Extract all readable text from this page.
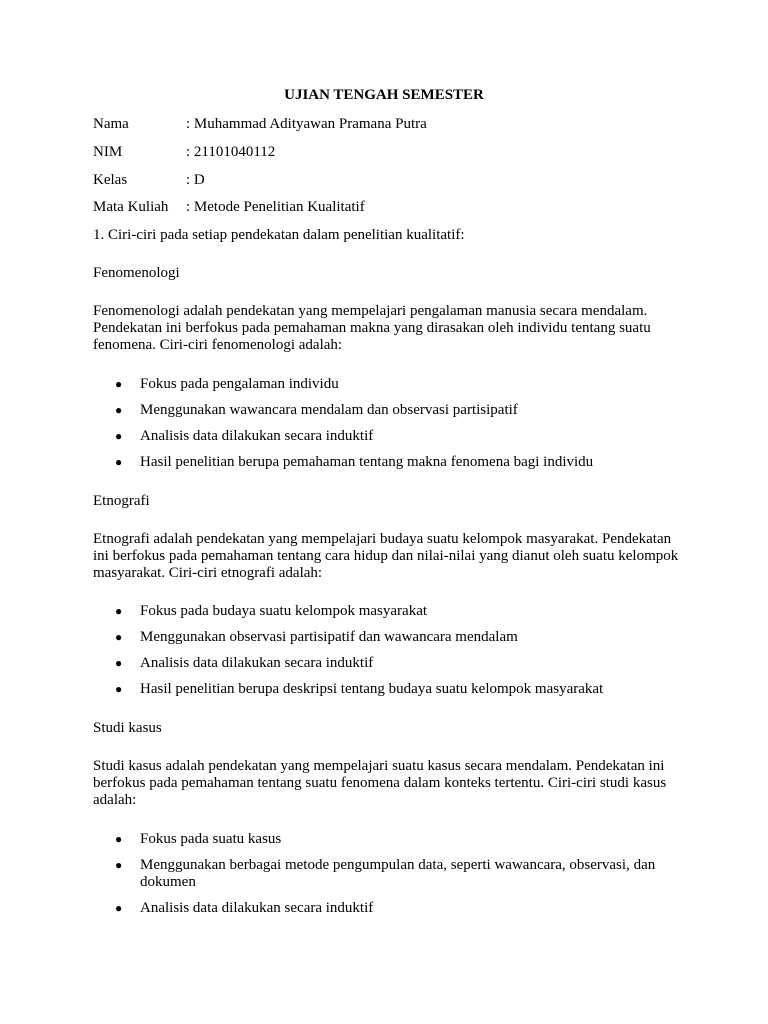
UJIAN TENGAH SEMESTER
Nama	: Muhammad Adityawan Pramana Putra
NIM	: 21101040112
Kelas	: D
Mata Kuliah : Metode Penelitian Kualitatif
1. Ciri-ciri pada setiap pendekatan dalam penelitian kualitatif:
Fenomenologi
Fenomenologi adalah pendekatan yang mempelajari pengalaman manusia secara mendalam. Pendekatan ini berfokus pada pemahaman makna yang dirasakan oleh individu tentang suatu fenomena. Ciri-ciri fenomenologi adalah:
● Fokus pada pengalaman individu
● Menggunakan wawancara mendalam dan observasi partisipatif
● Analisis data dilakukan secara induktif
● Hasil penelitian berupa pemahaman tentang makna fenomena bagi individu
Etnografi
Etnografi adalah pendekatan yang mempelajari budaya suatu kelompok masyarakat. Pendekatan ini berfokus pada pemahaman tentang cara hidup dan nilai-nilai yang dianut oleh suatu kelompok masyarakat. Ciri-ciri etnografi adalah:
● Fokus pada budaya suatu kelompok masyarakat
● Menggunakan observasi partisipatif dan wawancara mendalam
● Analisis data dilakukan secara induktif
● Hasil penelitian berupa deskripsi tentang budaya suatu kelompok masyarakat
Studi kasus
Studi kasus adalah pendekatan yang mempelajari suatu kasus secara mendalam. Pendekatan ini berfokus pada pemahaman tentang suatu fenomena dalam konteks tertentu. Ciri-ciri studi kasus adalah:
● Fokus pada suatu kasus
● Menggunakan berbagai metode pengumpulan data, seperti wawancara, observasi, dan dokumen
● Analisis data dilakukan secara induktif
